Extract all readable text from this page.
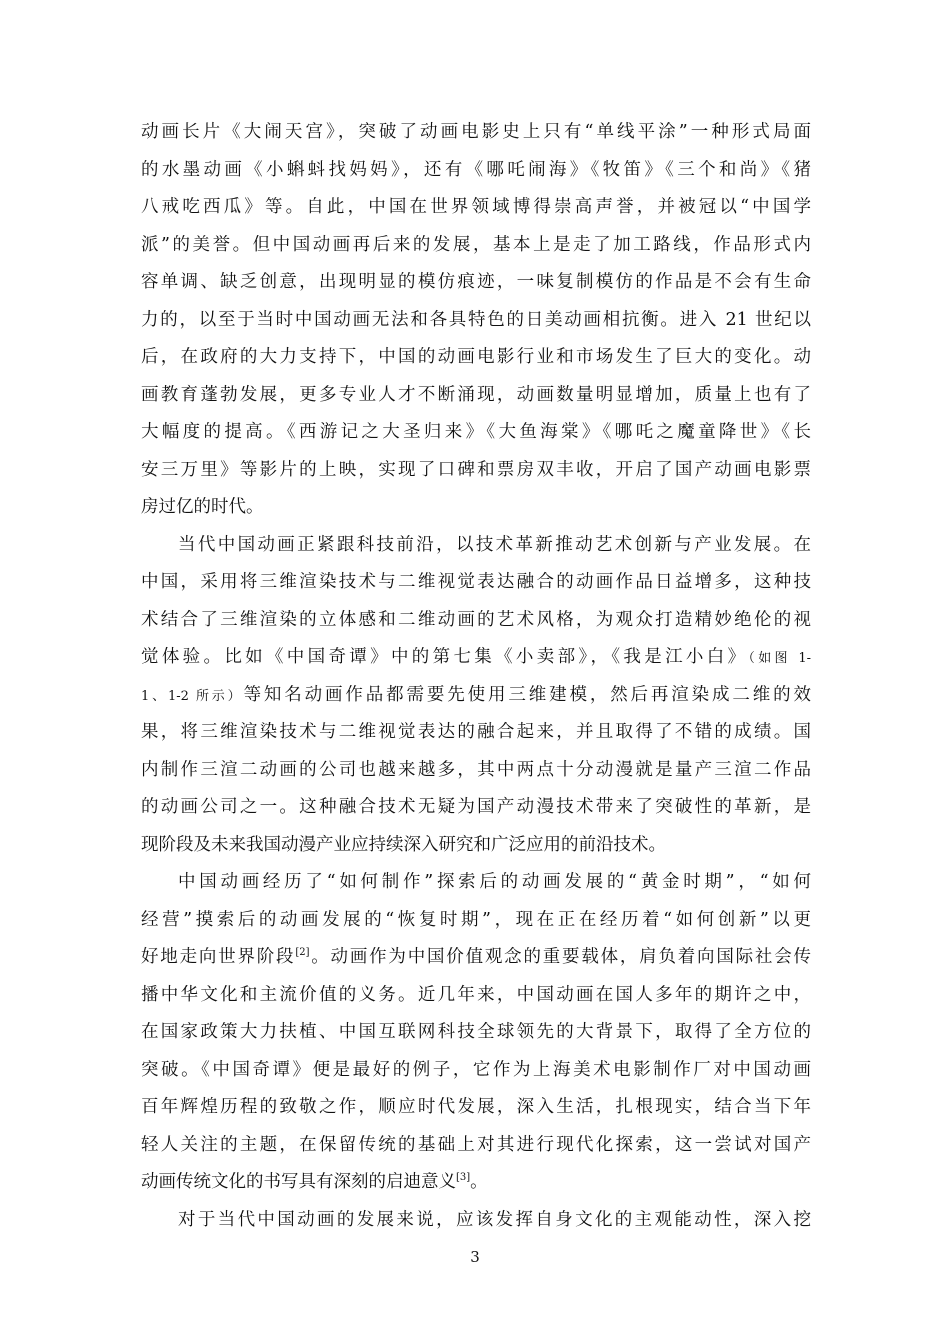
动画长片《大闹天宫》，突破了动画电影史上只有“单线平涂”一种形式局面
的水墨动画《小蝌蚪找妈妈》，还有《哪吒闹海》《牧笛》《三个和尚》《猪
八戒吃西瓜》等。自此，中国在世界领域博得崇高声誉，并被冠以“中国学
派”的美誉。但中国动画再后来的发展，基本上是走了加工路线，作品形式内
容单调、缺乏创意，出现明显的模仿痕迹，一味复制模仿的作品是不会有生命
力的，以至于当时中国动画无法和各具特色的日美动画相抗衡。进入 21 世纪以
后，在政府的大力支持下，中国的动画电影行业和市场发生了巨大的变化。动
画教育蓬勃发展，更多专业人才不断涌现，动画数量明显增加，质量上也有了
大幅度的提高。《西游记之大圣归来》《大鱼海棠》《哪吒之魔童降世》《长
安三万里》等影片的上映，实现了口碑和票房双丰收，开启了国产动画电影票
房过亿的时代。
当代中国动画正紧跟科技前沿，以技术革新推动艺术创新与产业发展。在
中国，采用将三维渲染技术与二维视觉表达融合的动画作品日益增多，这种技
术结合了三维渲染的立体感和二维动画的艺术风格，为观众打造精妙绝伦的视
觉体验。比如《中国奇谭》中的第七集《小卖部》，《我是江小白》（如图 1-
1、1-2 所示）等知名动画作品都需要先使用三维建模，然后再渲染成二维的效
果，将三维渲染技术与二维视觉表达的融合起来，并且取得了不错的成绩。国
内制作三渲二动画的公司也越来越多，其中两点十分动漫就是量产三渲二作品
的动画公司之一。这种融合技术无疑为国产动漫技术带来了突破性的革新，是
现阶段及未来我国动漫产业应持续深入研究和广泛应用的前沿技术。
中国动画经历了“如何制作”探索后的动画发展的“黄金时期”，“如何
经营”摸索后的动画发展的“恢复时期”，现在正在经历着“如何创新”以更
好地走向世界阶段[2]。动画作为中国价值观念的重要载体，肩负着向国际社会传
播中华文化和主流价值的义务。近几年来，中国动画在国人多年的期许之中，
在国家政策大力扶植、中国互联网科技全球领先的大背景下，取得了全方位的
突破。《中国奇谭》便是最好的例子，它作为上海美术电影制作厂对中国动画
百年辉煌历程的致敬之作，顺应时代发展，深入生活，扎根现实，结合当下年
轻人关注的主题，在保留传统的基础上对其进行现代化探索，这一尝试对国产
动画传统文化的书写具有深刻的启迪意义[3]。
对于当代中国动画的发展来说，应该发挥自身文化的主观能动性，深入挖
3
